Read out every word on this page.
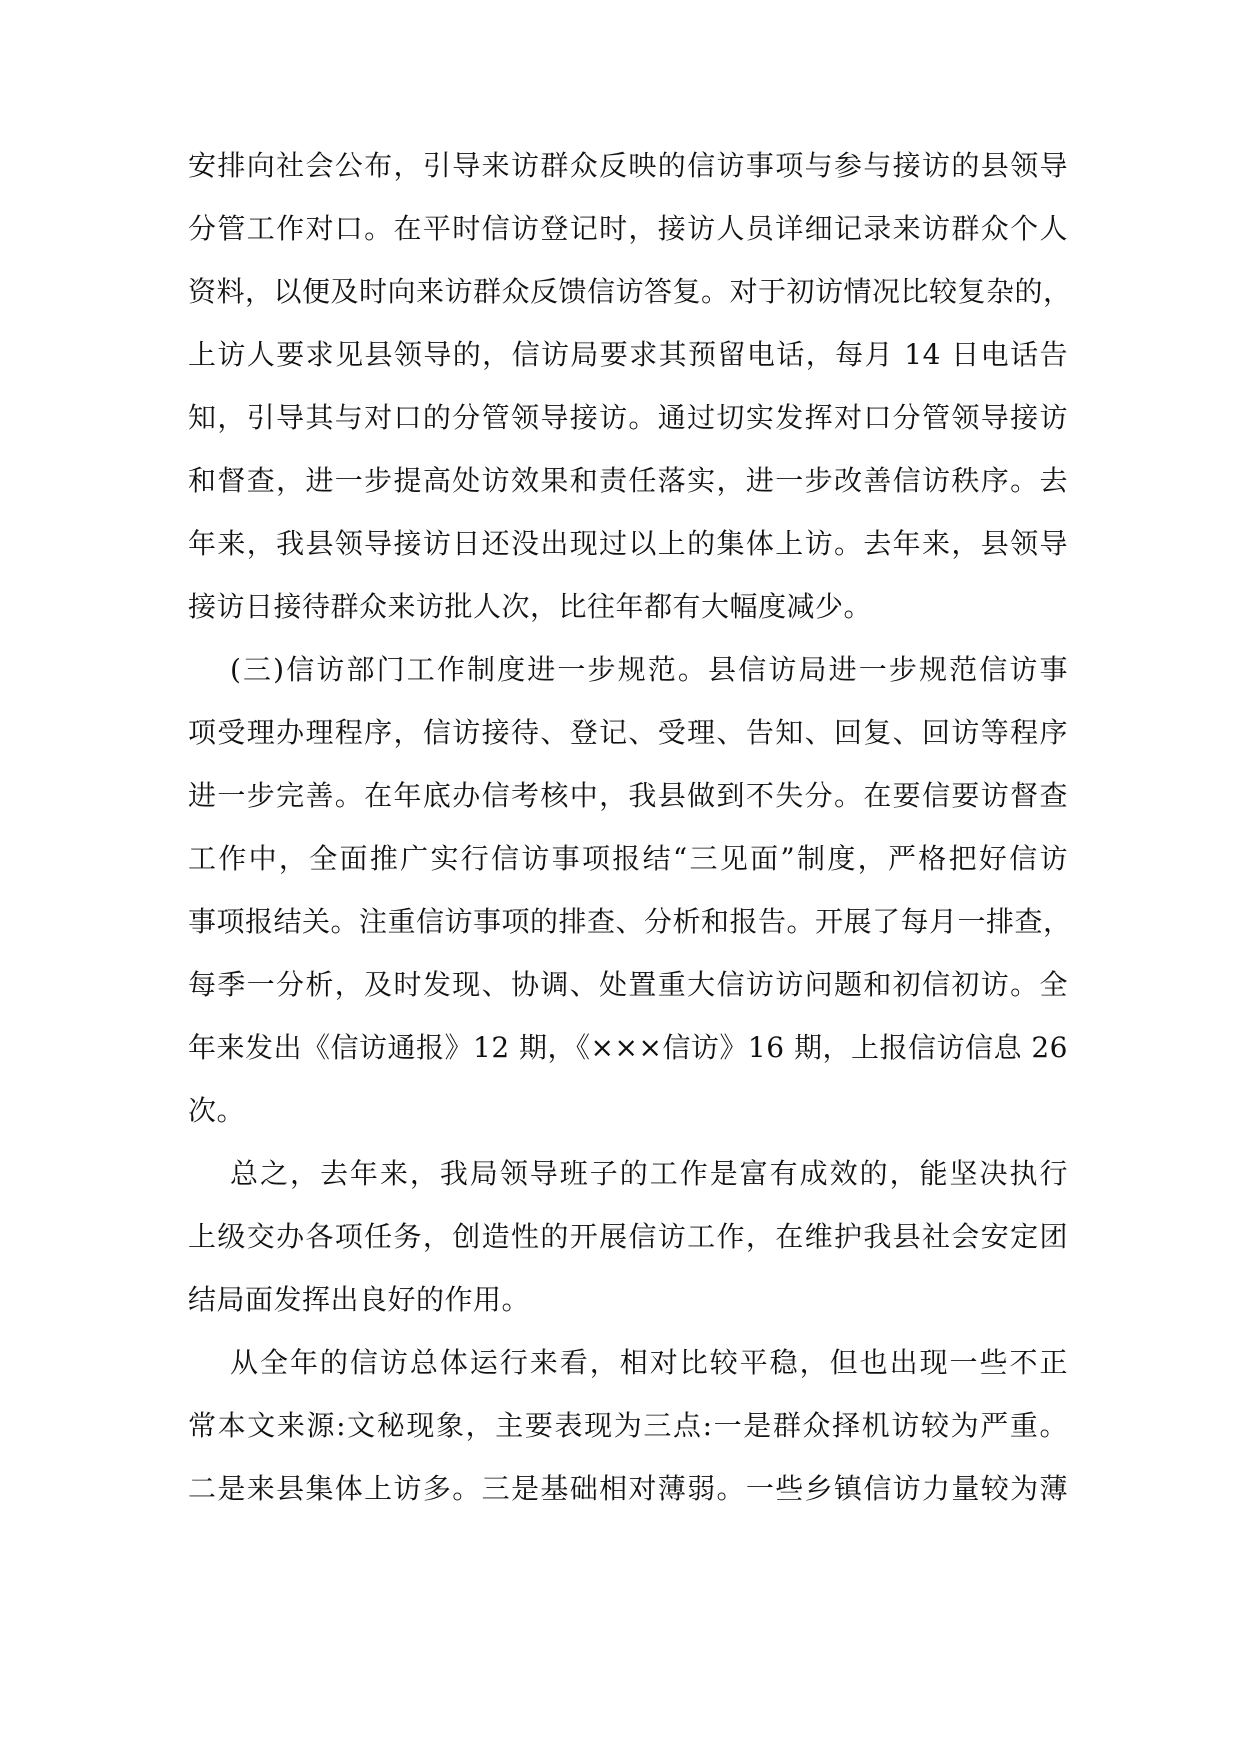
安排向社会公布，引导来访群众反映的信访事项与参与接访的县领导
分管工作对口。在平时信访登记时，接访人员详细记录来访群众个人
资料，以便及时向来访群众反馈信访答复。对于初访情况比较复杂的，
上访人要求见县领导的，信访局要求其预留电话，每月 14 日电话告
知，引导其与对口的分管领导接访。通过切实发挥对口分管领导接访
和督查，进一步提高处访效果和责任落实，进一步改善信访秩序。去
年来，我县领导接访日还没出现过以上的集体上访。去年来，县领导
接访日接待群众来访批人次，比往年都有大幅度减少。
(三)信访部门工作制度进一步规范。县信访局进一步规范信访事
项受理办理程序，信访接待、登记、受理、告知、回复、回访等程序
进一步完善。在年底办信考核中，我县做到不失分。在要信要访督查
工作中，全面推广实行信访事项报结“三见面”制度，严格把好信访
事项报结关。注重信访事项的排查、分析和报告。开展了每月一排查，
每季一分析，及时发现、协调、处置重大信访访问题和初信初访。全
年来发出《信访通报》12 期，《×××信访》16 期，上报信访信息 26
次。
总之，去年来，我局领导班子的工作是富有成效的，能坚决执行
上级交办各项任务，创造性的开展信访工作，在维护我县社会安定团
结局面发挥出良好的作用。
从全年的信访总体运行来看，相对比较平稳，但也出现一些不正
常本文来源:文秘现象，主要表现为三点:一是群众择机访较为严重。
二是来县集体上访多。三是基础相对薄弱。一些乡镇信访力量较为薄
